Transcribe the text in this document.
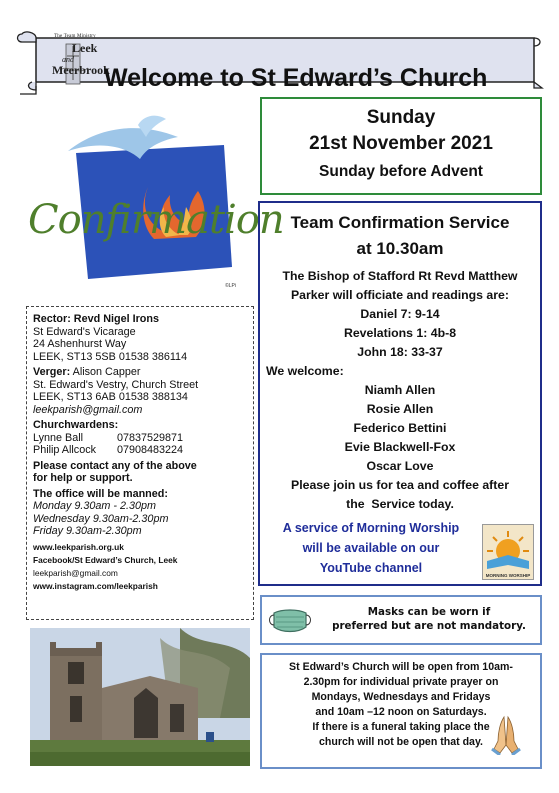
The Team Ministry
Leek
and
Meerbrook
Welcome to St Edward’s Church
Confirmation
©LPi
Rector: Revd Nigel Irons
St Edward's Vicarage
24 Ashenhurst Way
LEEK, ST13 5SB 01538 386114
Verger: Alison Capper
St. Edward's Vestry, Church Street
LEEK, ST13 6AB 01538 388134
leekparish@gmail.com
Churchwardens:
Lynne Ball	07837529871
Philip Allcock 07908483224
Please contact any of the above
for help or support.
The office will be manned:
Monday 9.30am - 2.30pm
Wednesday 9.30am-2.30pm
Friday 9.30am-2.30pm
www.leekparish.org.uk
Facebook/St Edward’s Church, Leek
leekparish@gmail.com
www.instagram.com/leekparish
Sunday
21st November 2021
Sunday before Advent
Team Confirmation Service
at 10.30am
The Bishop of Stafford Rt Revd Matthew
Parker will officiate and readings are:
Daniel 7: 9-14
Revelations 1: 4b-8
John 18: 33-37
We welcome:
Niamh Allen
Rosie Allen
Federico Bettini
Evie Blackwell-Fox
Oscar Love
Please join us for tea and coffee after
the  Service today.
A service of Morning Worship
will be available on our
YouTube channel
MORNING WORSHIP
Masks can be worn if
preferred but are not mandatory.
St Edward’s Church will be open from 10am-
2.30pm for individual private prayer on
Mondays, Wednesdays and Fridays
and 10am –12 noon on Saturdays.
If there is a funeral taking place the
church will not be open that day.
